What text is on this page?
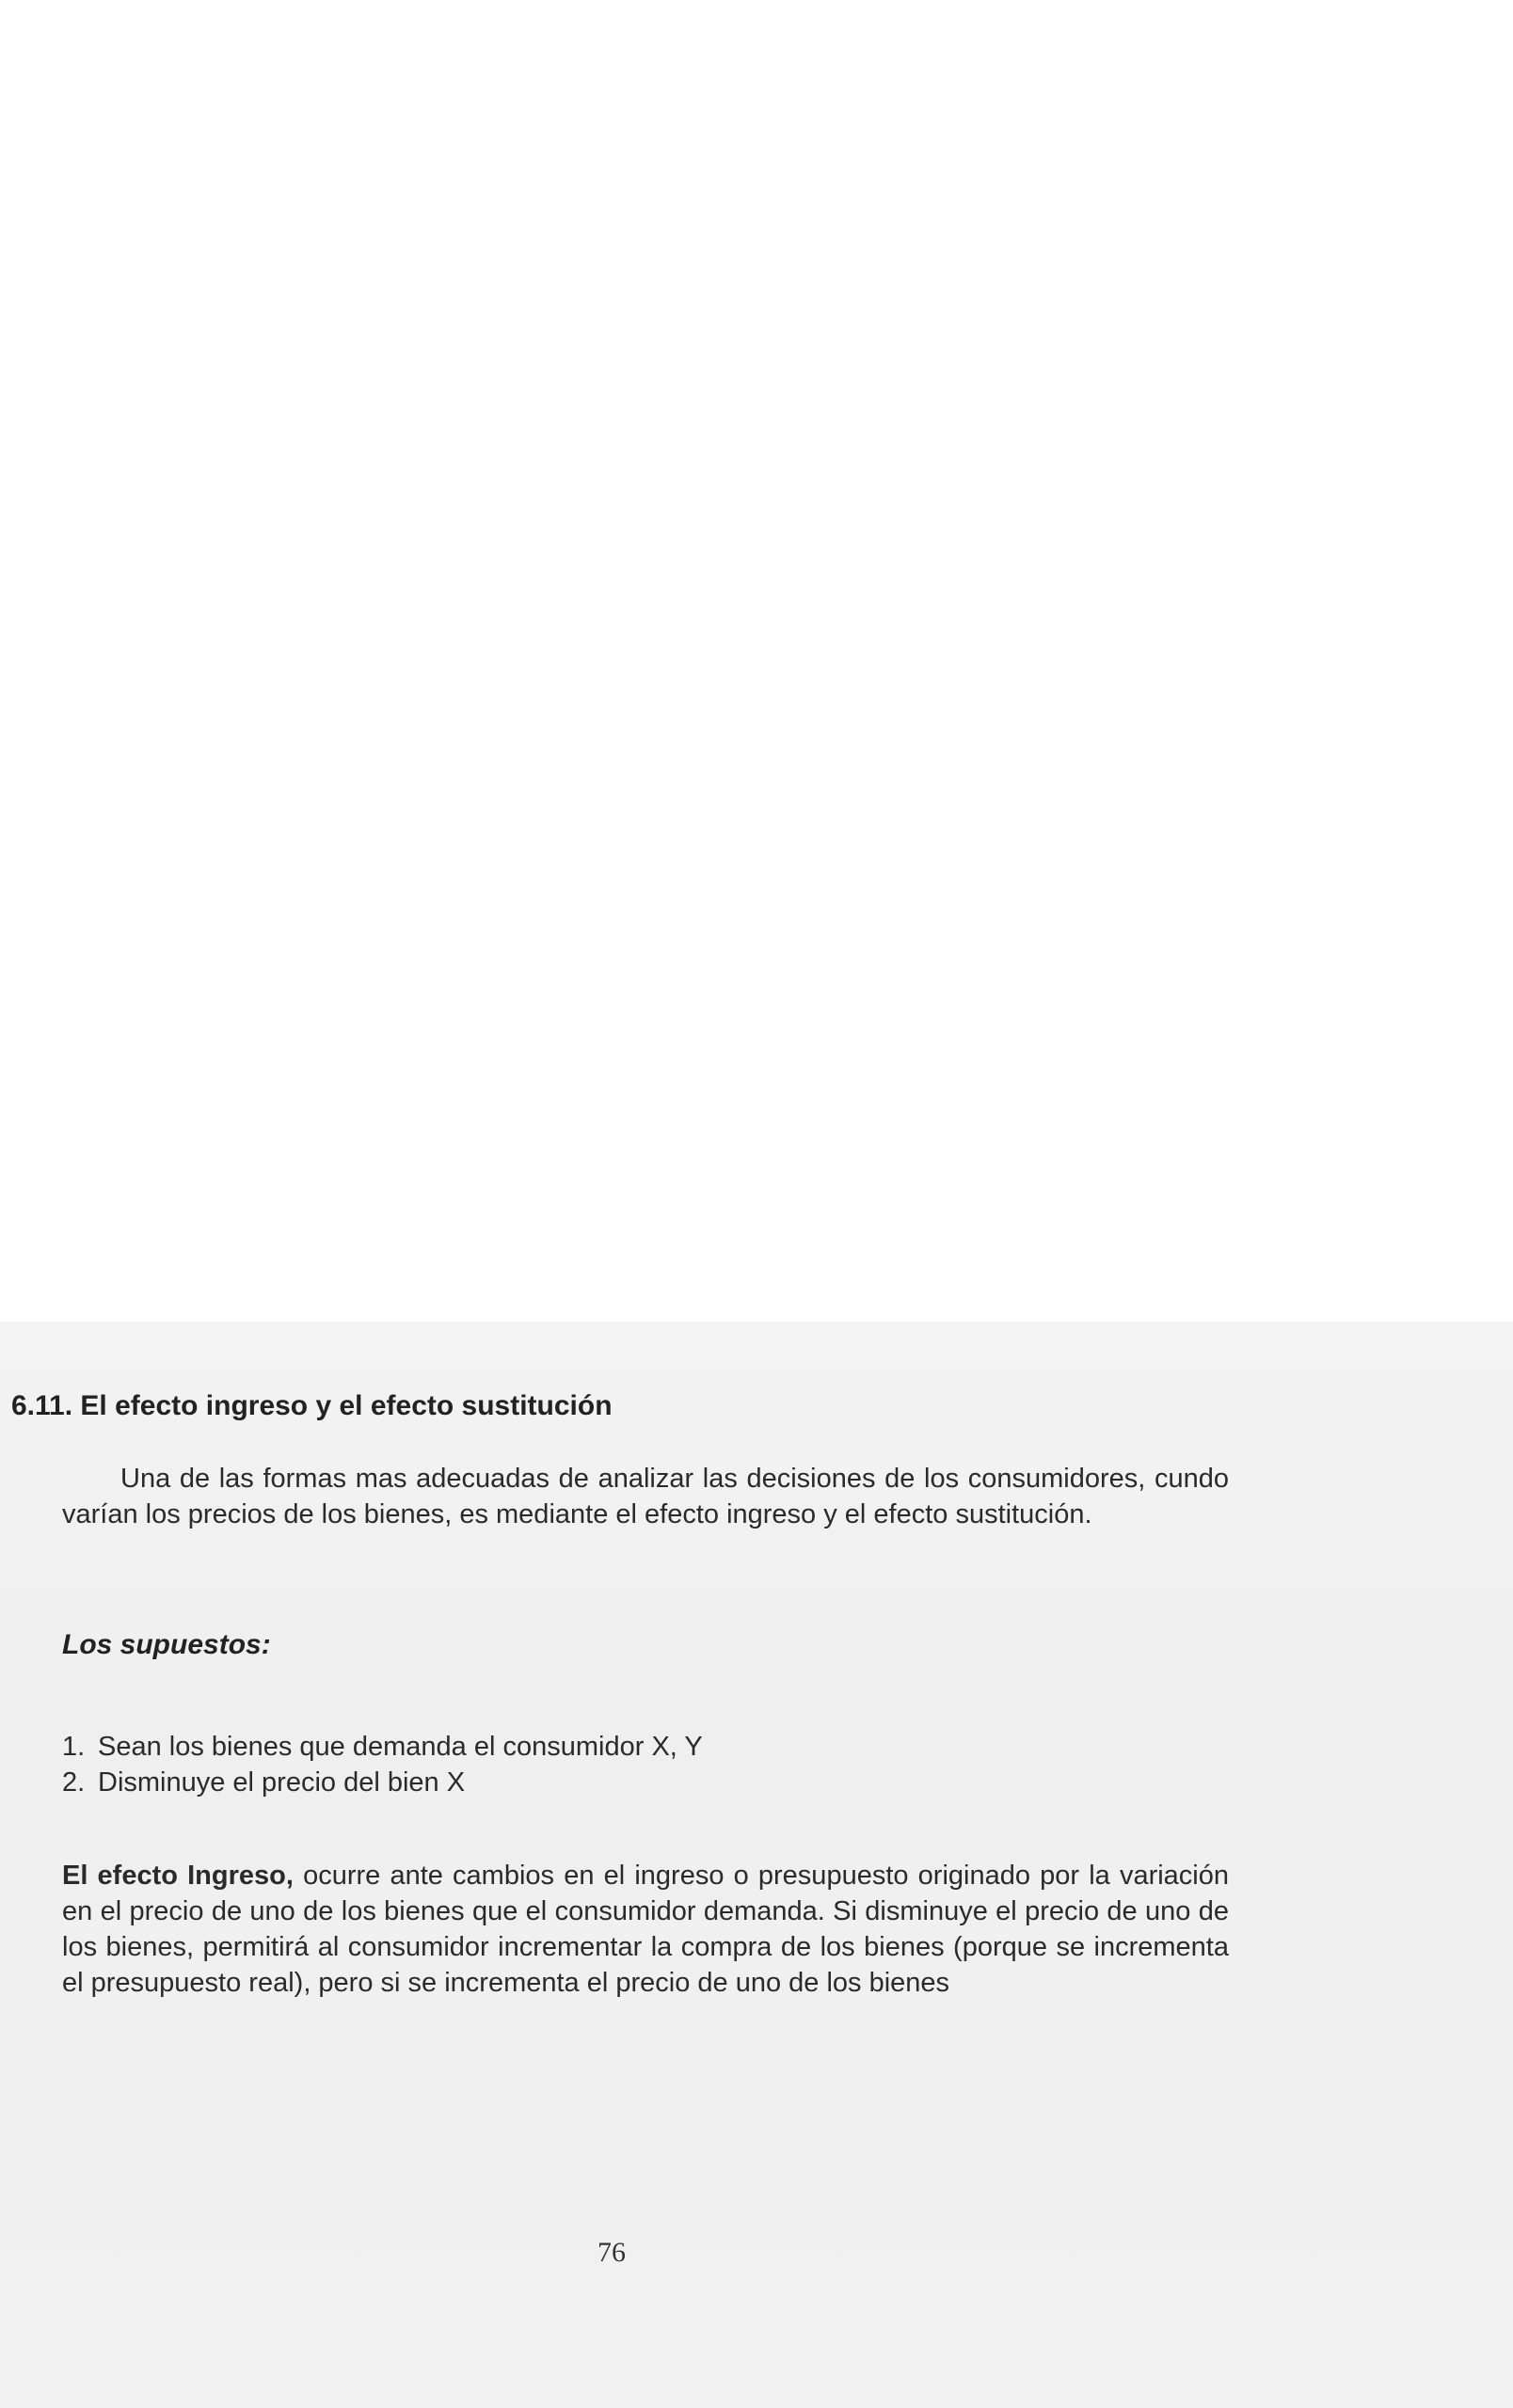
6.11. El efecto ingreso y el efecto sustitución

Una de las formas mas adecuadas de analizar las decisiones de los consumidores, cundo varían los precios de los bienes, es mediante el efecto ingreso y el efecto sustitución.

Los supuestos:
1. Sean los bienes que demanda el consumidor X, Y
2. Disminuye el precio del bien X

El efecto Ingreso, ocurre ante cambios en el ingreso o presupuesto originado por la variación en el precio de uno de los bienes que el consumidor demanda. Si disminuye el precio de uno de los bienes, permitirá al consumidor incrementar la compra de los bienes (porque se incrementa el presupuesto real), pero si se incrementa el precio de uno de los bienes

76
